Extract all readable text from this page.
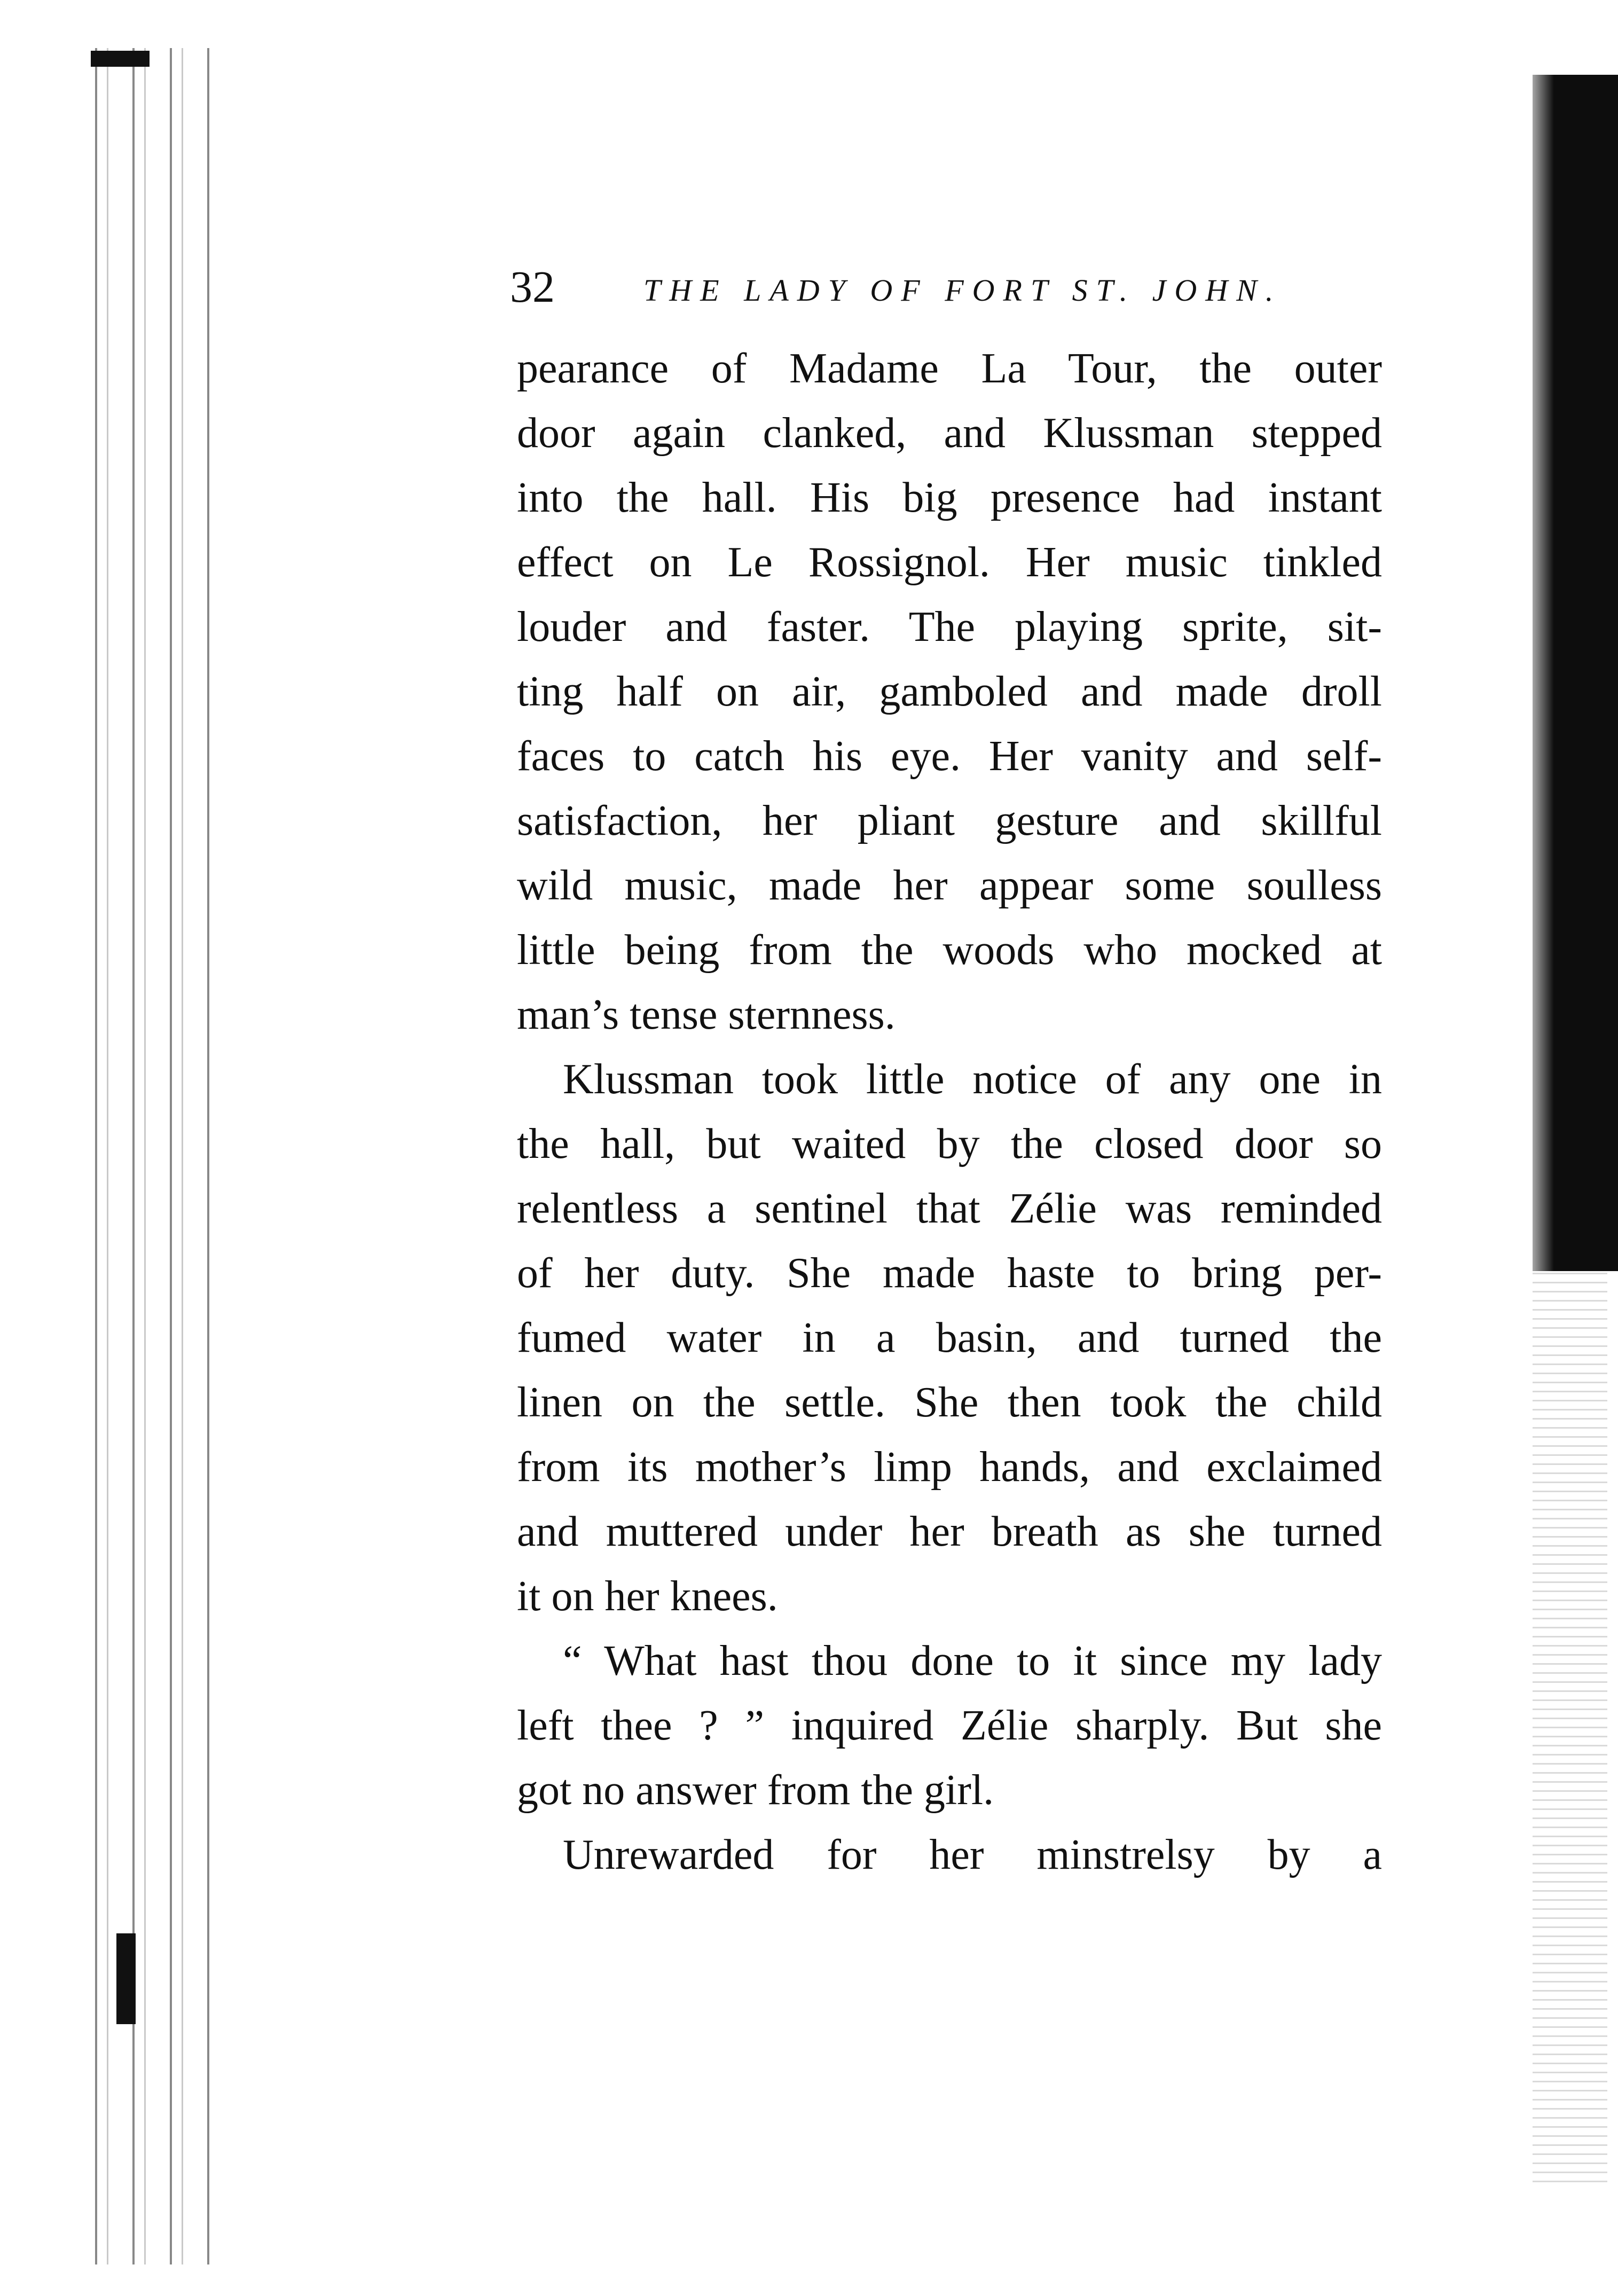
32	THE LADY OF FORT ST. JOHN.
pearance of Madame La Tour, the outer
door again clanked, and Klussman stepped
into the hall. His big presence had instant
effect on Le Rossignol. Her music tinkled
louder and faster. The playing sprite, sit-
ting half on air, gamboled and made droll
faces to catch his eye. Her vanity and self-
satisfaction, her pliant gesture and skillful
wild music, made her appear some soulless
little being from the woods who mocked at
man’s tense sternness.
Klussman took little notice of any one in
the hall, but waited by the closed door so
relentless a sentinel that Zélie was reminded
of her duty. She made haste to bring per-
fumed water in a basin, and turned the
linen on the settle. She then took the child
from its mother’s limp hands, and exclaimed
and muttered under her breath as she turned
it on her knees.
“ What hast thou done to it since my lady
left thee ? ” inquired Zélie sharply. But she
got no answer from the girl.
Unrewarded for her minstrelsy by a
